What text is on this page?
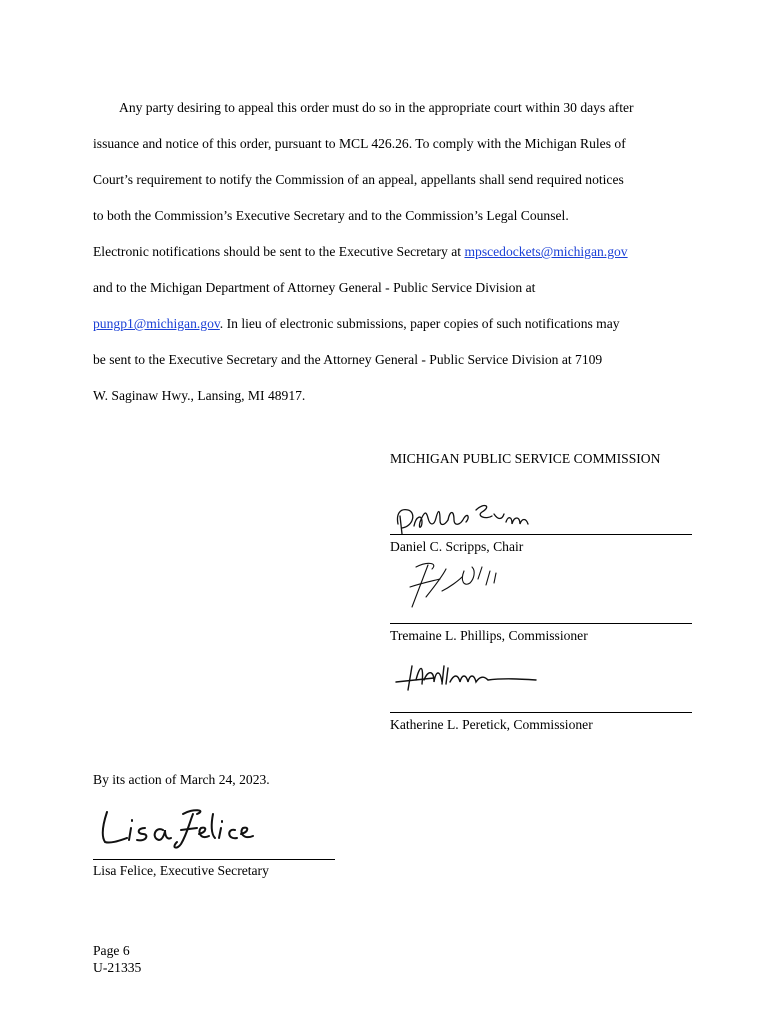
Any party desiring to appeal this order must do so in the appropriate court within 30 days after
issuance and notice of this order, pursuant to MCL 426.26. To comply with the Michigan Rules of
Court’s requirement to notify the Commission of an appeal, appellants shall send required notices
to both the Commission’s Executive Secretary and to the Commission’s Legal Counsel.
Electronic notifications should be sent to the Executive Secretary at mpscedockets@michigan.gov
and to the Michigan Department of Attorney General - Public Service Division at
pungp1@michigan.gov. In lieu of electronic submissions, paper copies of such notifications may
be sent to the Executive Secretary and the Attorney General - Public Service Division at 7109
W. Saginaw Hwy., Lansing, MI 48917.
MICHIGAN PUBLIC SERVICE COMMISSION
Daniel C. Scripps, Chair
Tremaine L. Phillips, Commissioner
Katherine L. Peretick, Commissioner
By its action of March 24, 2023.
Lisa Felice, Executive Secretary
Page 6
U-21335
